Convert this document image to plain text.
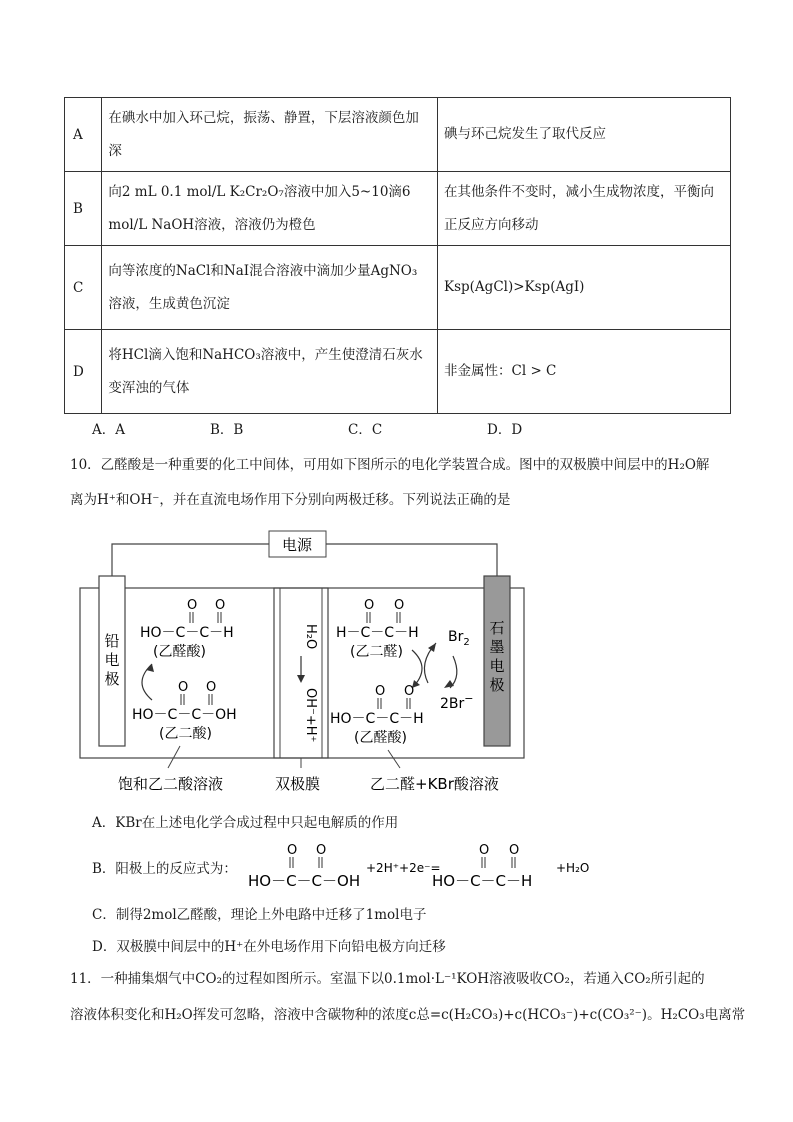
A	在碘水中加入环己烷，振荡、静置，下层溶液颜色加深	碘与环己烷发生了取代反应
B	向2 mL 0.1 mol/L K₂Cr₂O₇溶液中加入5~10滴6 mol/L NaOH溶液，溶液仍为橙色	在其他条件不变时，减小生成物浓度，平衡向正反应方向移动

C	向等浓度的NaCl和NaI混合溶液中滴加少量AgNO₃溶液，生成黄色沉淀	Ksp(AgCl)>Ksp(AgI)
D	将HCl滴入饱和NaHCO₃溶液中，产生使澄清石灰水变浑浊的气体	非金属性：Cl > C
A．A	B．B	C．C	D．D
10．乙醛酸是一种重要的化工中间体，可用如下图所示的电化学装置合成。图中的双极膜中间层中的H₂O解
离为H⁺和OH⁻，并在直流电场作用下分别向两极迁移。下列说法正确的是
电源
铅
电
极
石
墨
电
极
O O
HO－C－C－H
(乙醛酸)
O O
HO－C－C－OH
(乙二酸)
H₂O
OH⁻+H⁺
O O
H－C－C－H
(乙二醛)
$Br_2$
2Br−
O O
HO－C－C－H
(乙醛酸)
饱和乙二酸溶液	双极膜	乙二醛+KBr酸溶液
A．KBr在上述电化学合成过程中只起电解质的作用
B．阳极上的反应式为：
O O
HO－C－C－OH
+2H⁺+2e⁻=
O O
HO－C－C－H
+H₂O
C．制得2mol乙醛酸，理论上外电路中迁移了1mol电子
D．双极膜中间层中的H⁺在外电场作用下向铅电极方向迁移
11．一种捕集烟气中CO₂的过程如图所示。室温下以0.1mol·L⁻¹KOH溶液吸收CO₂，若通入CO₂所引起的
溶液体积变化和H₂O挥发可忽略，溶液中含碳物种的浓度c总=c(H₂CO₃)+c(HCO₃⁻)+c(CO₃²⁻)。H₂CO₃电离常
